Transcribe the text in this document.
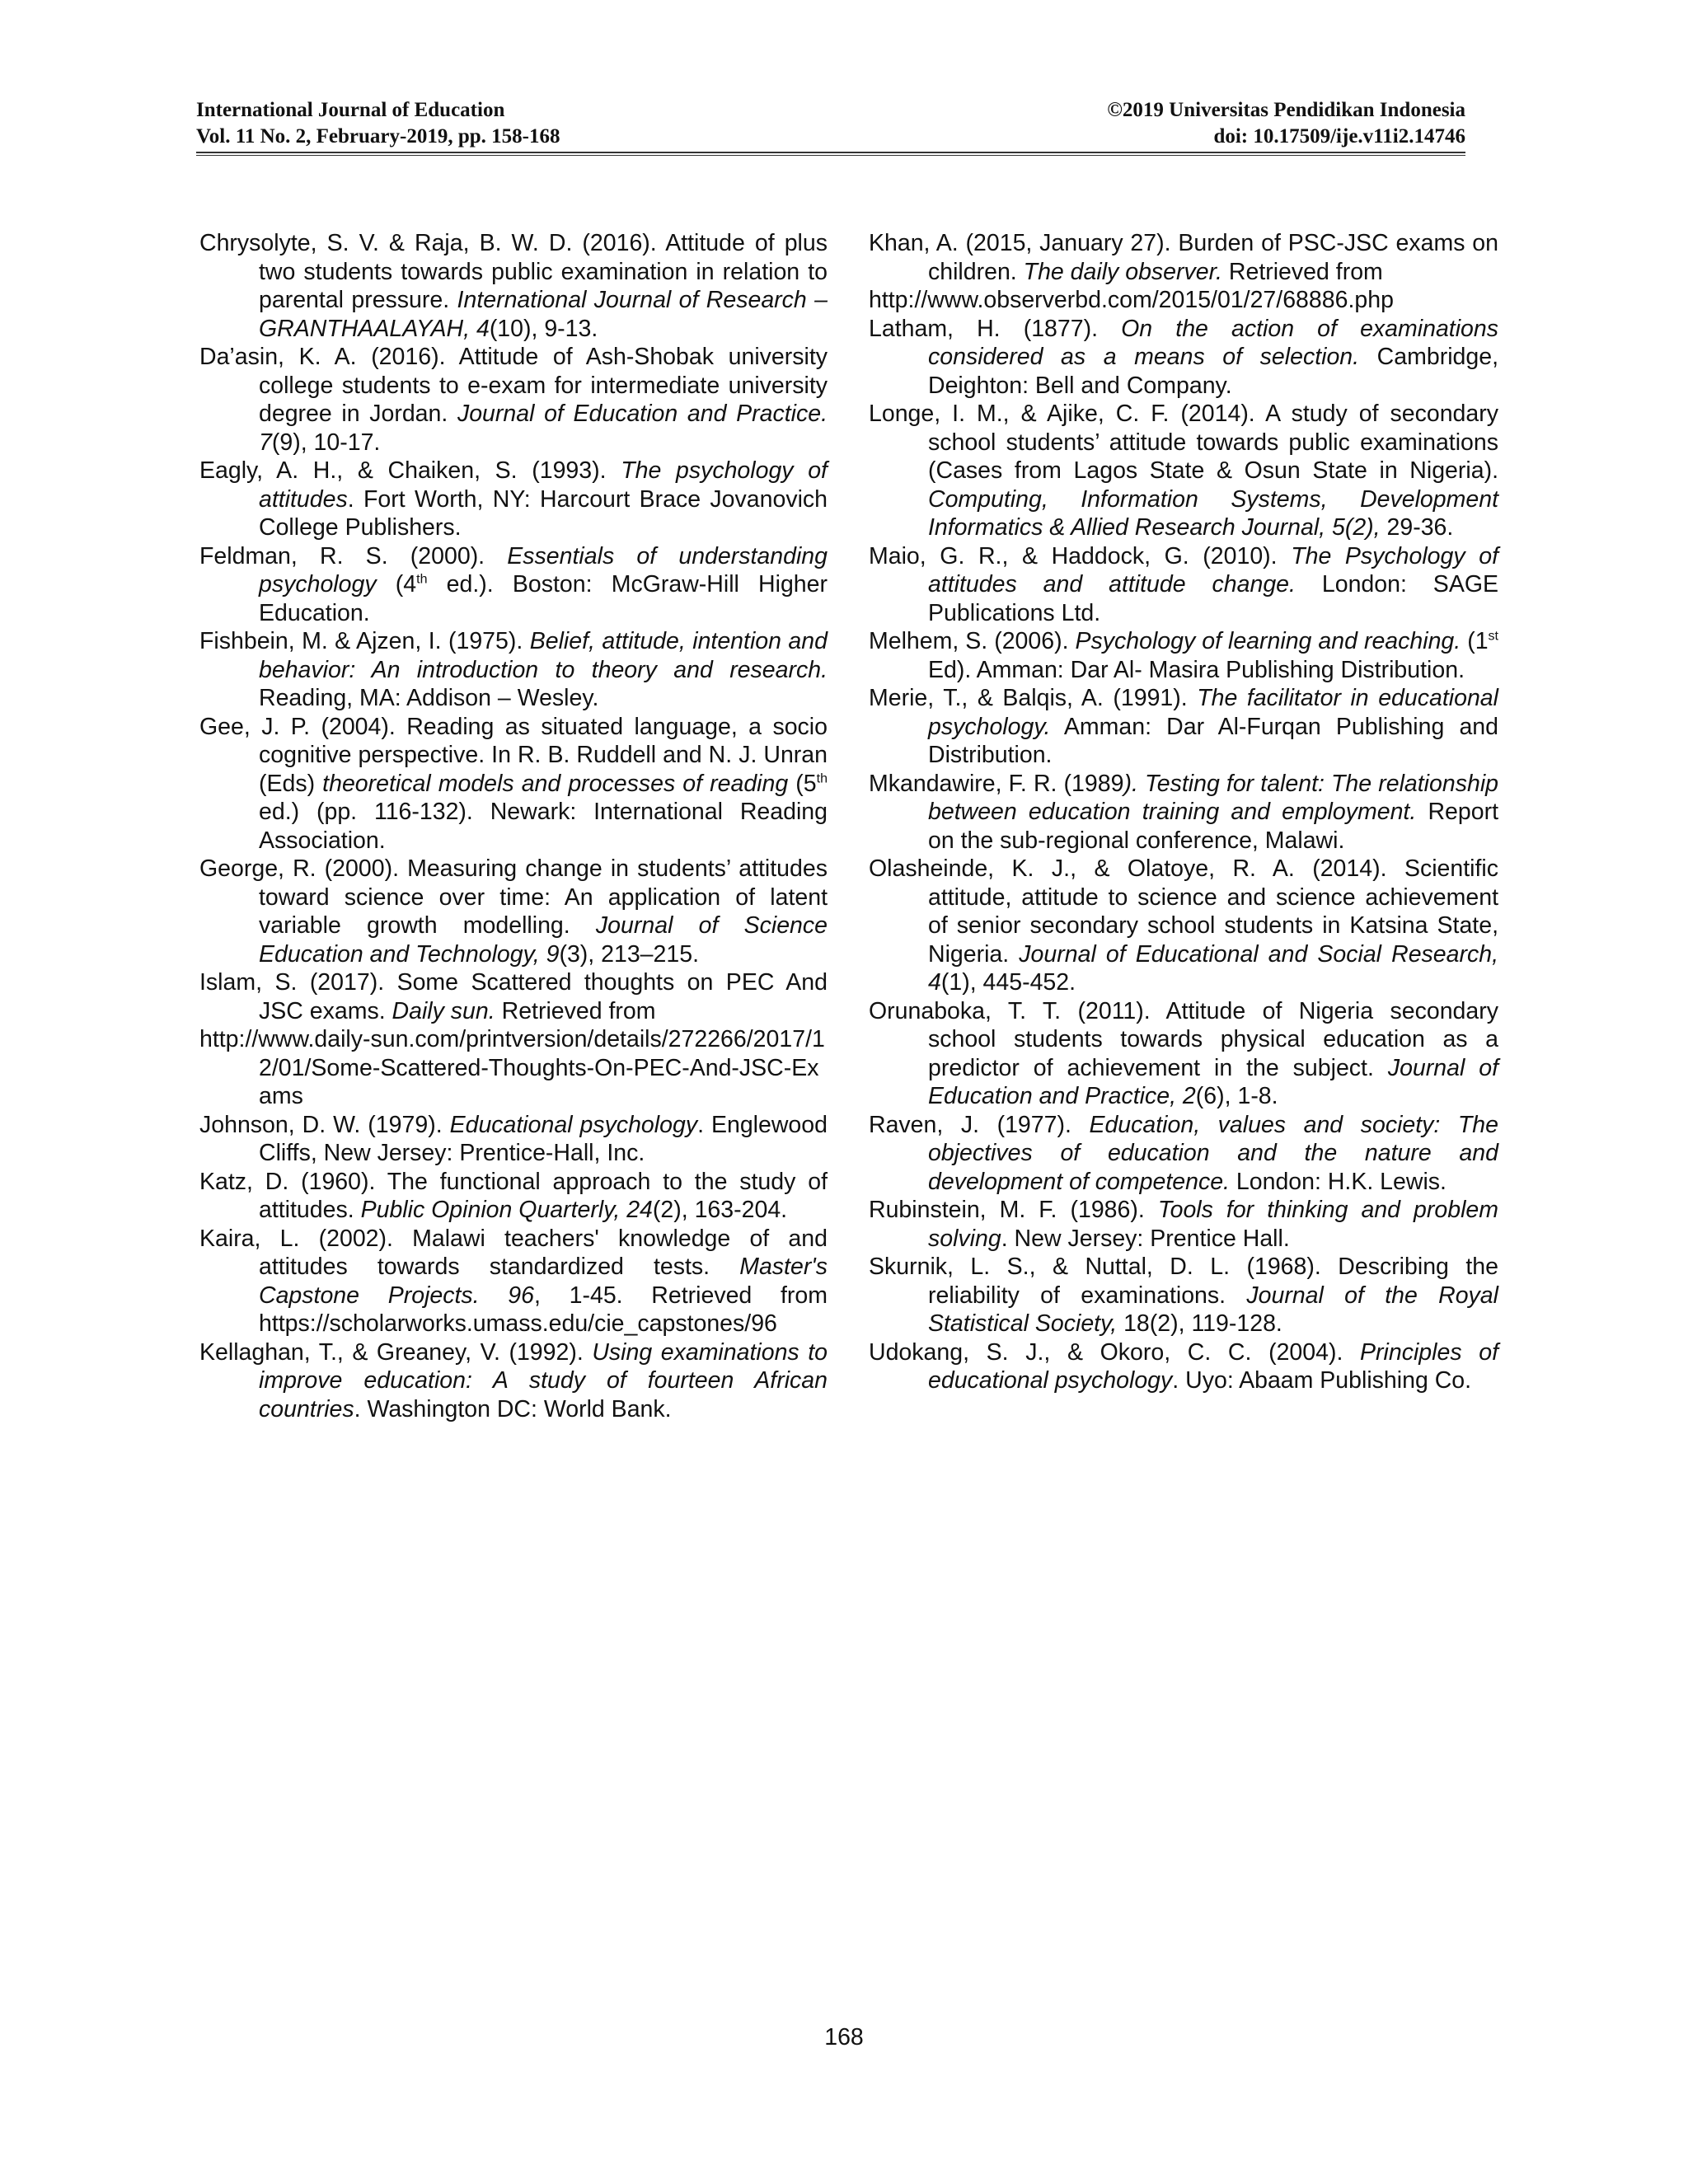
International Journal of Education	©2019 Universitas Pendidikan Indonesia
Vol. 11 No. 2, February-2019, pp. 158-168	doi: 10.17509/ije.v11i2.14746

Chrysolyte, S. V. & Raja, B. W. D. (2016). Attitude of plus two students towards public examination in relation to parental pressure. International Journal of Research –GRANTHAALAYAH, 4(10), 9-13.

Da’asin, K. A. (2016). Attitude of Ash-Shobak university college students to e-exam for intermediate university degree in Jordan. Journal of Education and Practice. 7(9), 10-17.

Eagly, A. H., & Chaiken, S. (1993). The psychology of attitudes. Fort Worth, NY: Harcourt Brace Jovanovich College Publishers.

Feldman, R. S. (2000). Essentials of understanding psychology (4th ed.). Boston: McGraw-Hill Higher Education.

Fishbein, M. & Ajzen, I. (1975). Belief, attitude, intention and behavior: An introduction to theory and research. Reading, MA: Addison – Wesley.

Gee, J. P. (2004). Reading as situated language, a socio cognitive perspective. In R. B. Ruddell and N. J. Unran (Eds) theoretical models and processes of reading (5th ed.) (pp. 116-132). Newark: International Reading Association.

George, R. (2000). Measuring change in students’ attitudes toward science over time: An application of latent variable growth modelling. Journal of Science Education and Technology, 9(3), 213–215.

Islam, S. (2017). Some Scattered thoughts on PEC And JSC exams. Daily sun. Retrieved from
http://www.daily-sun.com/printversion/details/272266/2017/12/01/Some-Scattered-Thoughts-On-PEC-And-JSC-Exams

Johnson, D. W. (1979). Educational psychology. Englewood Cliffs, New Jersey: Prentice-Hall, Inc.

Katz, D. (1960). The functional approach to the study of attitudes. Public Opinion Quarterly, 24(2), 163-204.

Kaira, L. (2002). Malawi teachers' knowledge of and attitudes towards standardized tests. Master's Capstone Projects. 96, 1-45. Retrieved from https://scholarworks.umass.edu/cie_capstones/96

Kellaghan, T., & Greaney, V. (1992). Using examinations to improve education: A study of fourteen African countries. Washington DC: World Bank.

Khan, A. (2015, January 27). Burden of PSC-JSC exams on children. The daily observer. Retrieved from
http://www.observerbd.com/2015/01/27/68886.php

Latham, H. (1877). On the action of examinations considered as a means of selection. Cambridge, Deighton: Bell and Company.

Longe, I. M., & Ajike, C. F. (2014). A study of secondary school students’ attitude towards public examinations (Cases from Lagos State & Osun State in Nigeria). Computing, Information Systems, Development Informatics & Allied Research Journal, 5(2), 29-36.

Maio, G. R., & Haddock, G. (2010). The Psychology of attitudes and attitude change. London: SAGE Publications Ltd.

Melhem, S. (2006). Psychology of learning and reaching. (1st Ed). Amman: Dar Al- Masira Publishing Distribution.

Merie, T., & Balqis, A. (1991). The facilitator in educational psychology. Amman: Dar Al-Furqan Publishing and Distribution.

Mkandawire, F. R. (1989). Testing for talent: The relationship between education training and employment. Report on the sub-regional conference, Malawi.

Olasheinde, K. J., & Olatoye, R. A. (2014). Scientific attitude, attitude to science and science achievement of senior secondary school students in Katsina State, Nigeria. Journal of Educational and Social Research, 4(1), 445-452.

Orunaboka, T. T. (2011). Attitude of Nigeria secondary school students towards physical education as a predictor of achievement in the subject. Journal of Education and Practice, 2(6), 1-8.

Raven, J. (1977). Education, values and society: The objectives of education and the nature and development of competence. London: H.K. Lewis.

Rubinstein, M. F. (1986). Tools for thinking and problem solving. New Jersey: Prentice Hall.

Skurnik, L. S., & Nuttal, D. L. (1968). Describing the reliability of examinations. Journal of the Royal Statistical Society, 18(2), 119-128.

Udokang, S. J., & Okoro, C. C. (2004). Principles of educational psychology. Uyo: Abaam Publishing Co.

168
